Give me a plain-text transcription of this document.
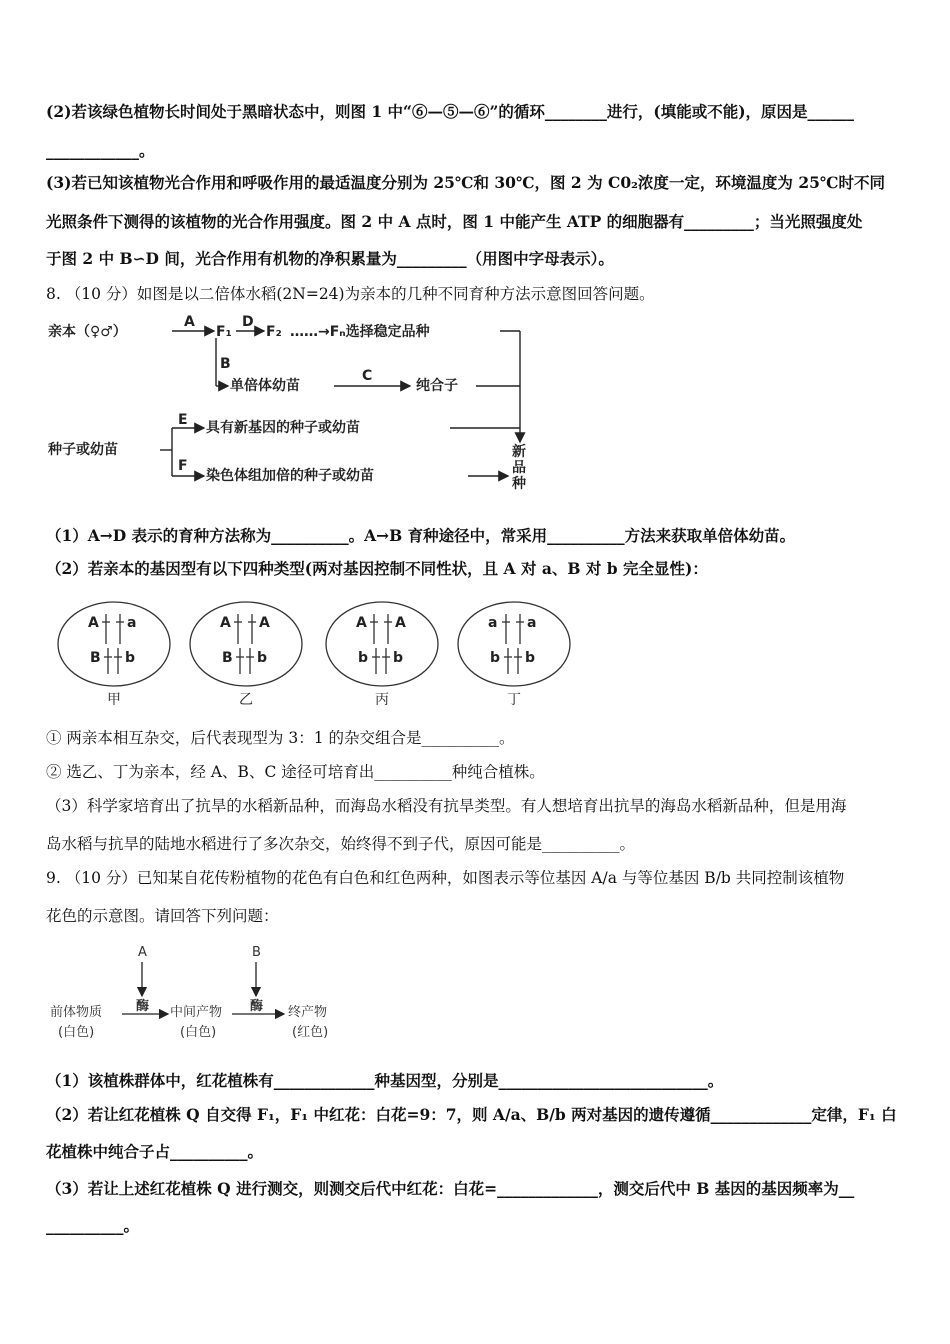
(2)若该绿色植物长时间处于黑暗状态中，则图 1 中“⑥—⑤—⑥”的循环________进行，(填能或不能)，原因是______
____________。
(3)若已知该植物光合作用和呼吸作用的最适温度分别为 25℃和 30℃，图 2 为 C0₂浓度一定，环境温度为 25℃时不同
光照条件下测得的该植物的光合作用强度。图 2 中 A 点时，图 1 中能产生 ATP 的细胞器有_________；当光照强度处
于图 2 中 B∽D 间，光合作用有机物的净积累量为_________（用图中字母表示）。
8. （10 分）如图是以二倍体水稻(2N=24)为亲本的几种不同育种方法示意图回答问题。
亲本（♀♂）
A
F₁
D
F₂ ……→Fₙ选择稳定品种
B
单倍体幼苗
C
纯合子
种子或幼苗
E 具有新基因的种子或幼苗
F
染色体组加倍的种子或幼苗
新
品
种
（1）A→D 表示的育种方法称为__________。A→B 育种途径中，常采用__________方法来获取单倍体幼苗。
（2）若亲本的基因型有以下四种类型(两对基因控制不同性状，且 A 对 a、B 对 b 完全显性)：
A a
B b
A A
B b
A A
b b
a a
b b
甲	乙	丙	丁
① 两亲本相互杂交，后代表现型为 3：1 的杂交组合是__________。
② 选乙、丁为亲本，经 A、B、C 途径可培育出__________种纯合植株。
（3）科学家培育出了抗旱的水稻新品种，而海岛水稻没有抗旱类型。有人想培育出抗旱的海岛水稻新品种，但是用海
岛水稻与抗旱的陆地水稻进行了多次杂交，始终得不到子代，原因可能是__________。
9. （10 分）已知某自花传粉植物的花色有白色和红色两种，如图表示等位基因 A/a 与等位基因 B/b 共同控制该植物
花色的示意图。请回答下列问题：
A	B
前体物质
(白色)
酶 中间产物
(白色)
酶 终产物
(红色)
（1）该植株群体中，红花植株有_____________种基因型，分别是___________________________。
（2）若让红花植株 Q 自交得 F₁，F₁ 中红花：白花=9：7，则 A/a、B/b 两对基因的遗传遵循_____________定律，F₁ 白
花植株中纯合子占__________。
（3）若让上述红花植株 Q 进行测交，则测交后代中红花：白花=_____________，测交后代中 B 基因的基因频率为__
__________。
